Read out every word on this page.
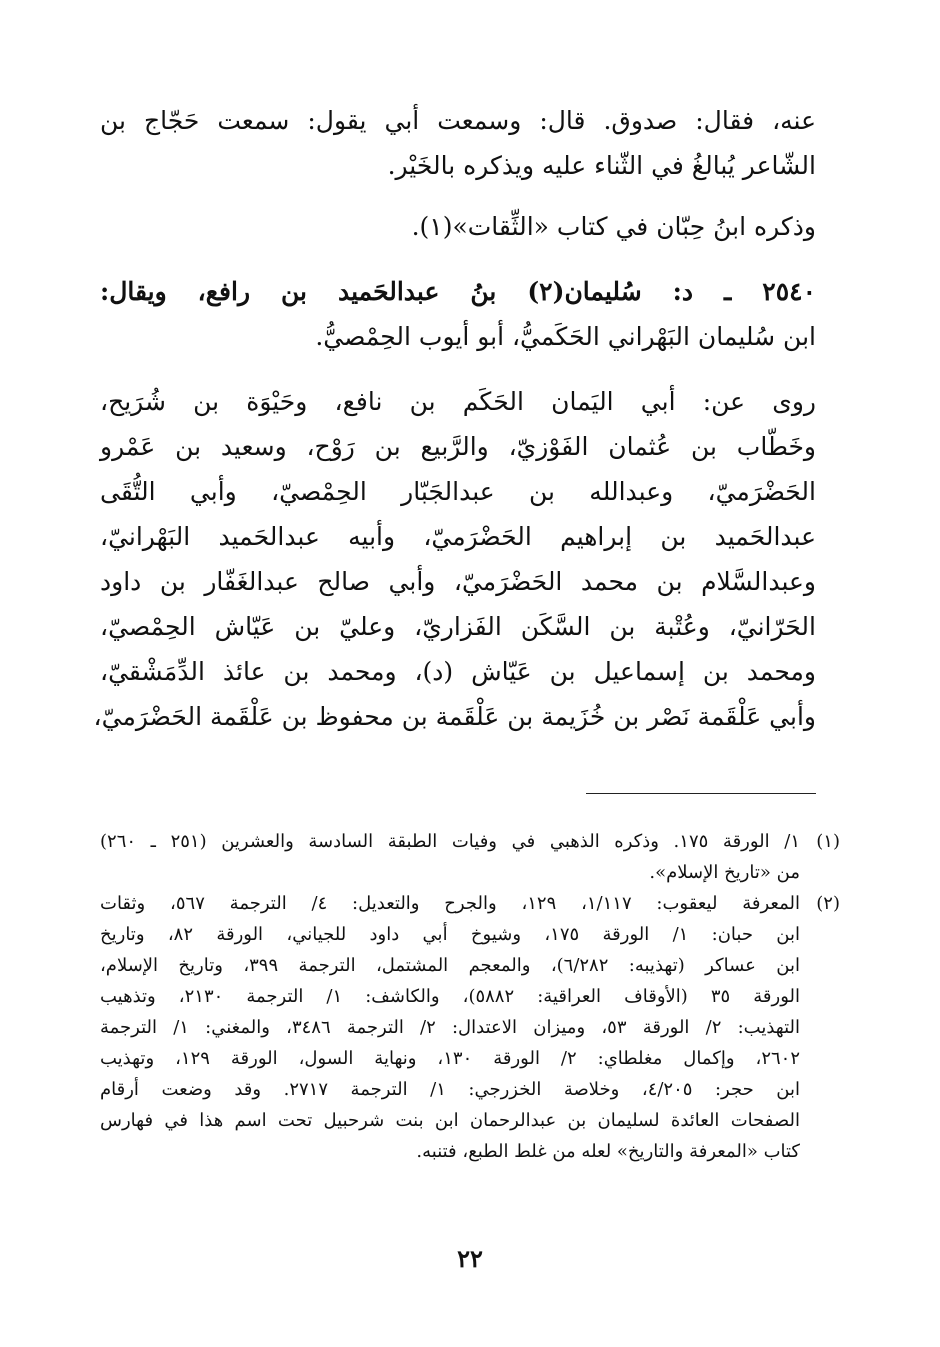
عنه، فقال: صدوق. قال: وسمعت أبي يقول: سمعت حَجّاج بن
الشّاعر يُبالغُ في الثّناء عليه ويذكره بالخَيْر.
وذكره ابنُ حِبّان في كتاب «الثِّقات»(١).
٢٥٤٠ ـ د: سُليمان(٢) بنُ عبدالحَميد بن رافع، ويقال:
ابن سُليمان البَهْراني الحَكَميُّ، أبو أيوب الحِمْصيُّ.
روى عن: أبي اليَمان الحَكَم بن نافع، وحَيْوَة بن شُرَيح،
وخَطّاب بن عُثمان الفَوْزيّ، والرَّبيع بن رَوْح، وسعيد بن عَمْرو
الحَضْرَميّ، وعبدالله بن عبدالجَبّار الحِمْصيّ، وأبي التُّقَى
عبدالحَميد بن إبراهيم الحَضْرَميّ، وأبيه عبدالحَميد البَهْرانيّ،
وعبدالسَّلام بن محمد الحَضْرَميّ، وأبي صالح عبدالغَفّار بن داود
الحَرّانيّ، وعُتْبة بن السَّكَن الفَزاريّ، وعليّ بن عَيّاش الحِمْصيّ،
ومحمد بن إسماعيل بن عَيّاش (د)، ومحمد بن عائذ الدِّمَشْقيّ،
وأبي عَلْقَمة نَصْر بن خُزَيمة بن عَلْقَمة بن محفوظ بن عَلْقَمة الحَضْرَميّ،
(١)
١/ الورقة ١٧٥. وذكره الذهبي في وفيات الطبقة السادسة والعشرين (٢٥١ ـ ٢٦٠)
من «تاريخ الإسلام».
(٢)
المعرفة ليعقوب: ١/١١٧، ١٢٩، والجرح والتعديل: ٤/ الترجمة ٥٦٧، وثقات
ابن حبان: ١/ الورقة ١٧٥، وشيوخ أبي داود للجياني، الورقة ٨٢، وتاريخ
ابن عساكر (تهذيبه: ٦/٢٨٢)، والمعجم المشتمل، الترجمة ٣٩٩، وتاريخ الإسلام،
الورقة ٣٥ (الأوقاف العراقية: ٥٨٨٢)، والكاشف: ١/ الترجمة ٢١٣٠، وتذهيب
التهذيب: ٢/ الورقة ٥٣، وميزان الاعتدال: ٢/ الترجمة ٣٤٨٦، والمغني: ١/ الترجمة
٢٦٠٢، وإكمال مغلطاي: ٢/ الورقة ١٣٠، ونهاية السول، الورقة ١٢٩، وتهذيب
ابن حجر: ٤/٢٠٥، وخلاصة الخزرجي: ١/ الترجمة ٢٧١٧. وقد وضعت أرقام
الصفحات العائدة لسليمان بن عبدالرحمان ابن بنت شرحبيل تحت اسم هذا في فهارس
كتاب «المعرفة والتاريخ» لعله من غلط الطبع، فتنبه.
٢٢
